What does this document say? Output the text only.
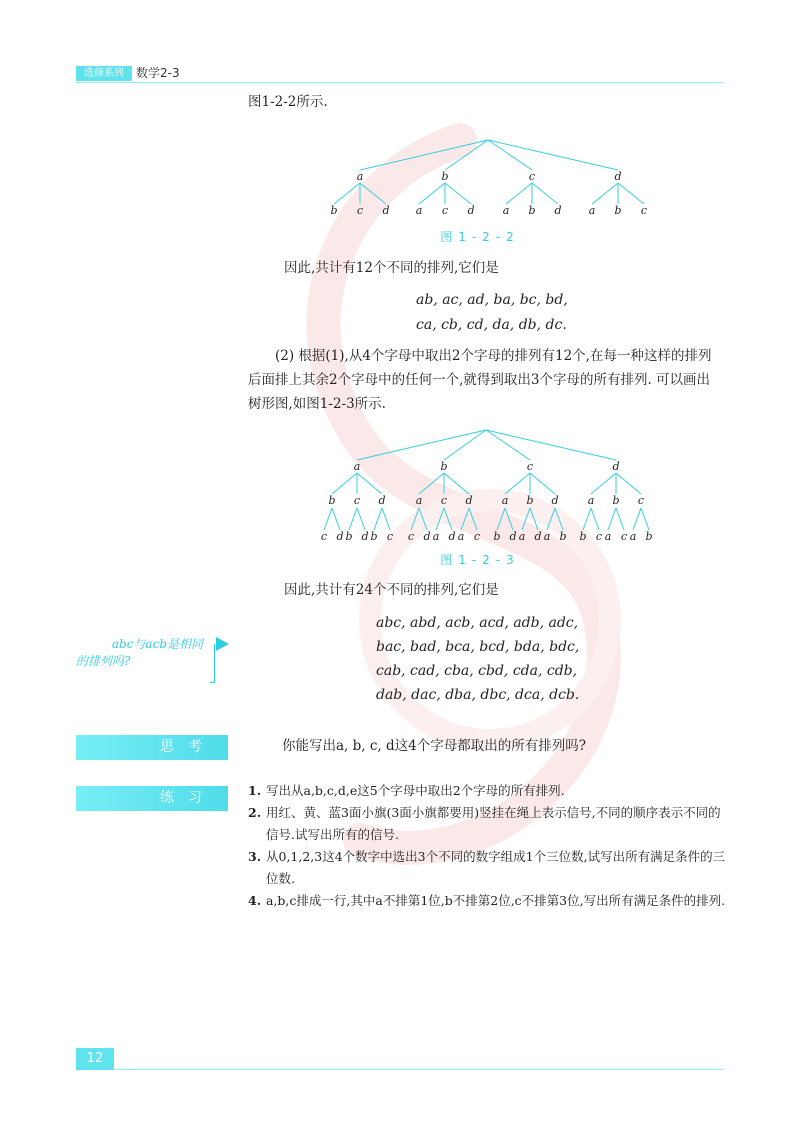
选修系列	数学2-3
图1-2-2所示.
a
b c d
b
a c d
c
a b d
d
a b c
图1-2-2
因此,共计有12个不同的排列,它们是
ab, ac, ad, ba, bc, bd,
ca, cb, cd, da, db, dc.
(2) 根据(1),从4个字母中取出2个字母的排列有12个,在每一种这样的排列后面排上其余2个字母中的任何一个,就得到取出3个字母的所有排列. 可以画出树形图,如图1-2-3所示.
a
b
c d
c
b d
d
b c
b
a
c d
c
a d
d
a c
c
a
b d
b
a d
d
a b
d
a
b c
b
a c
c
a b
图1-2-3
因此,共计有24个不同的排列,它们是
abc, abd, acb, acd, adb, adc,
bac, bad, bca, bcd, bda, bdc,
cab, cad, cba, cbd, cda, cdb,
dab, dac, dba, dbc, dca, dcb.
abc与acb是相同
的排列吗?
思考	你能写出a, b, c, d这4个字母都取出的所有排列吗?
练习	1. 写出从a,b,c,d,e这5个字母中取出2个字母的所有排列.
2. 用红、黄、蓝3面小旗(3面小旗都要用)竖挂在绳上表示信号,不同的顺序表示不同的信号.试写出所有的信号.
3. 从0,1,2,3这4个数字中选出3个不同的数字组成1个三位数,试写出所有满足条件的三位数.
4. a,b,c排成一行,其中a不排第1位,b不排第2位,c不排第3位,写出所有满足条件的排列.
12
